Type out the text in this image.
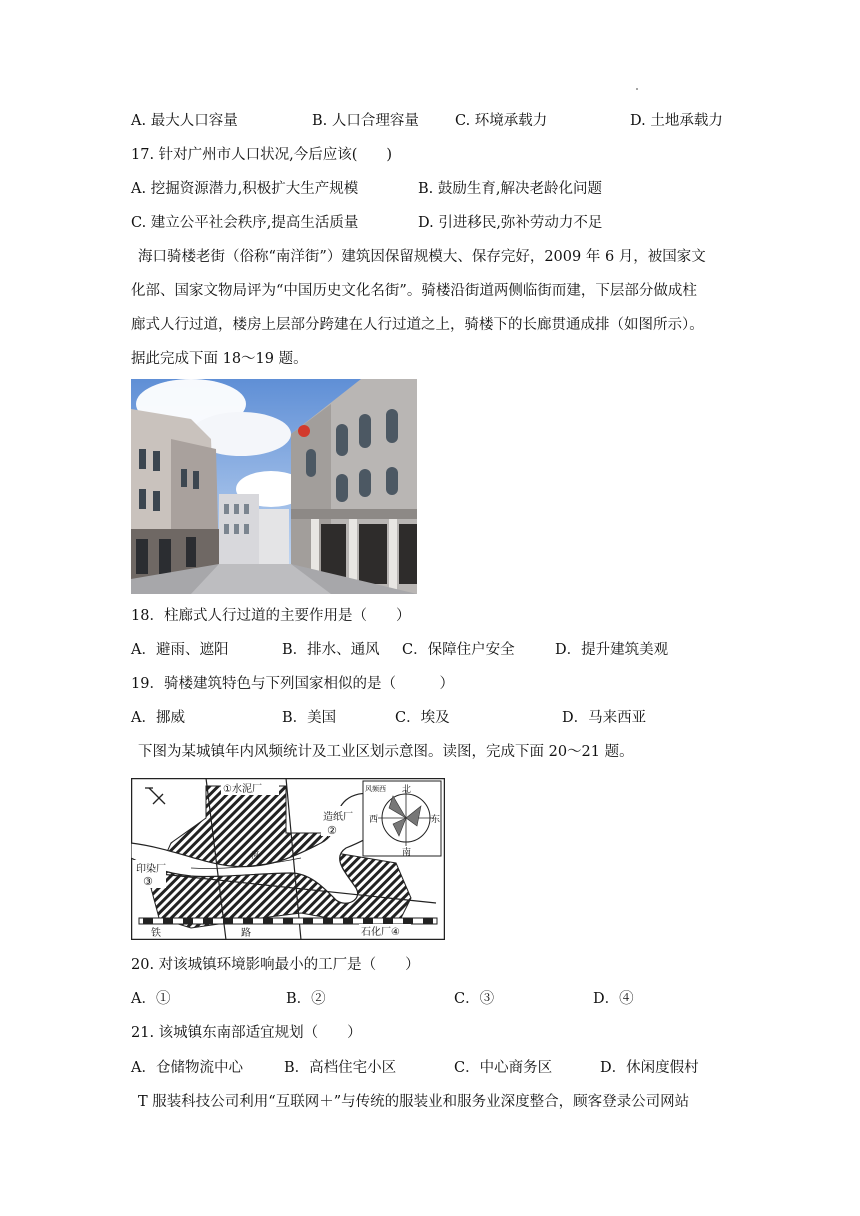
A. 最大人口容量	B. 人口合理容量 C. 环境承载力	D. 土地承载力
17. 针对广州市人口状况,今后应该(　　)
A. 挖掘资源潜力,积极扩大生产规模	B. 鼓励生育,解决老龄化问题
C. 建立公平社会秩序,提高生活质量	D. 引进移民,弥补劳动力不足
海口骑楼老街（俗称“南洋街”）建筑因保留规模大、保存完好，2009 年 6 月，被国家文
化部、国家文物局评为“中国历史文化名街”。骑楼沿街道两侧临街而建，下层部分做成柱
廊式人行过道，楼房上层部分跨建在人行过道之上，骑楼下的长廊贯通成排（如图所示）。
据此完成下面 18～19 题。
18．柱廊式人行过道的主要作用是（　　）
A．避雨、遮阳	B．排水、通风 C．保障住户安全	D．提升建筑美观
19．骑楼建筑特色与下列国家相似的是（　　　）
A．挪威	B．美国	C．埃及	D．马来西亚
下图为某城镇年内风频统计及工业区划示意图。读图，完成下面 20～21 题。
北
南
东
西
风频西
①水泥厂
造纸厂
②
印染厂
③
石化厂④
铁	路
河
20. 对该城镇环境影响最小的工厂是（　　）
A．①	B．②	C．③	D．④
21. 该城镇东南部适宜规划（　　）
A．仓储物流中心	B．高档住宅小区	C．中心商务区	D．休闲度假村
T 服装科技公司利用“互联网＋”与传统的服装业和服务业深度整合，顾客登录公司网站
